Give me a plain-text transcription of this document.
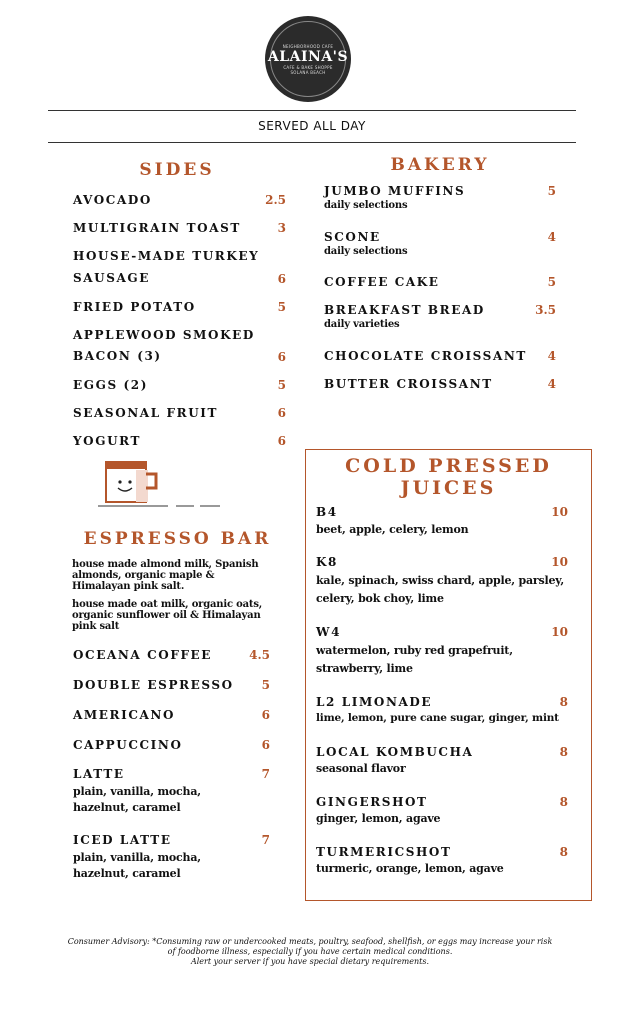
NEIGHBORHOOD CAFE
ALAINA'S
CAFE & BAKE SHOPPE
SOLANA BEACH
SERVED ALL DAY
SIDES
AVOCADO	2.5
MULTIGRAIN TOAST	3
HOUSE-MADE TURKEY
SAUSAGE	6
FRIED POTATO	5
APPLEWOOD SMOKED
BACON (3)	6
EGGS (2)	5
SEASONAL FRUIT	6
YOGURT	6
ESPRESSO BAR
house made almond milk, Spanish almonds, organic maple & Himalayan pink salt.
house made oat milk, organic oats, organic sunflower oil & Himalayan pink salt
OCEANA COFFEE	4.5
DOUBLE ESPRESSO	5
AMERICANO	6
CAPPUCCINO	6
LATTE	7
plain, vanilla, mocha, hazelnut, caramel
ICED LATTE	7
plain, vanilla, mocha, hazelnut, caramel
BAKERY
JUMBO MUFFINS	5
daily selections
SCONE	4
daily selections
COFFEE CAKE	5
BREAKFAST BREAD	3.5
daily varieties
CHOCOLATE CROISSANT	4
BUTTER CROISSANT	4
COLD PRESSED
JUICES
B4	10
beet, apple, celery, lemon
K8	10
kale, spinach, swiss chard, apple, parsley, celery, bok choy, lime
W4	10
watermelon, ruby red grapefruit, strawberry, lime
L2 LIMONADE	8
lime, lemon, pure cane sugar, ginger, mint
LOCAL KOMBUCHA	8
seasonal flavor
GINGERSHOT	8
ginger, lemon, agave
TURMERICSHOT	8
turmeric, orange, lemon, agave
Consumer Advisory: *Consuming raw or undercooked meats, poultry, seafood, shellfish, or eggs may increase your risk
of foodborne illness, especially if you have certain medical conditions.
Alert your server if you have special dietary requirements.
